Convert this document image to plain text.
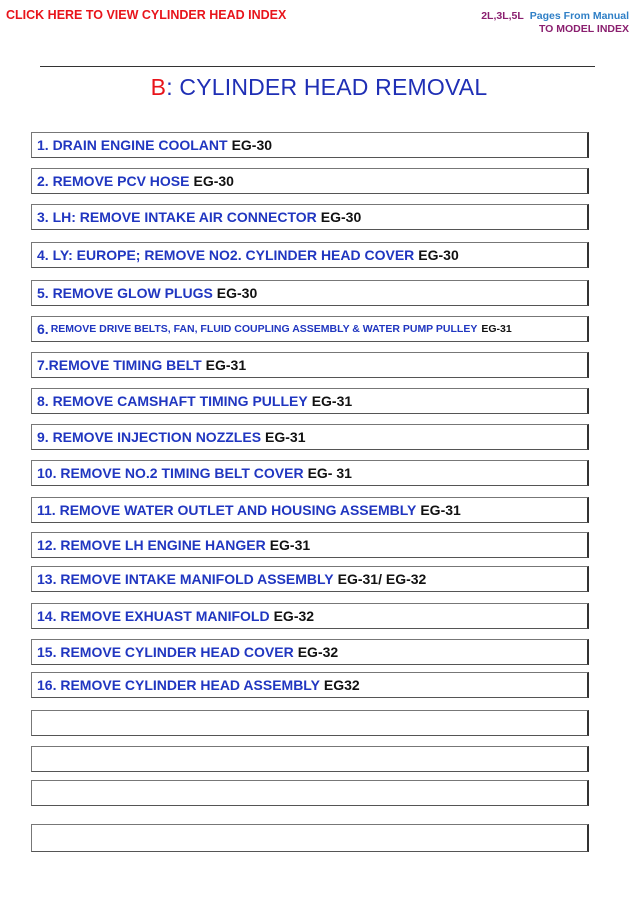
CLICK HERE TO VIEW CYLINDER HEAD INDEX	2L,3L,5L Pages From Manual
TO MODEL INDEX
B: CYLINDER HEAD REMOVAL
1. DRAIN ENGINE COOLANT EG-30
2. REMOVE PCV HOSE EG-30
3. LH: REMOVE INTAKE AIR CONNECTOR EG-30
4. LY: EUROPE; REMOVE NO2. CYLINDER HEAD COVER EG-30
5. REMOVE GLOW PLUGS EG-30
6. REMOVE DRIVE BELTS, FAN, FLUID COUPLING ASSEMBLY & WATER PUMP PULLEY EG-31
7.REMOVE TIMING BELT EG-31
8. REMOVE CAMSHAFT TIMING PULLEY EG-31
9. REMOVE INJECTION NOZZLES EG-31
10. REMOVE NO.2 TIMING BELT COVER EG- 31
11. REMOVE WATER OUTLET AND HOUSING ASSEMBLY EG-31
12. REMOVE LH ENGINE HANGER EG-31
13. REMOVE INTAKE MANIFOLD ASSEMBLY EG-31/ EG-32
14. REMOVE EXHUAST MANIFOLD EG-32
15. REMOVE CYLINDER HEAD COVER EG-32
16. REMOVE CYLINDER HEAD ASSEMBLY EG32
